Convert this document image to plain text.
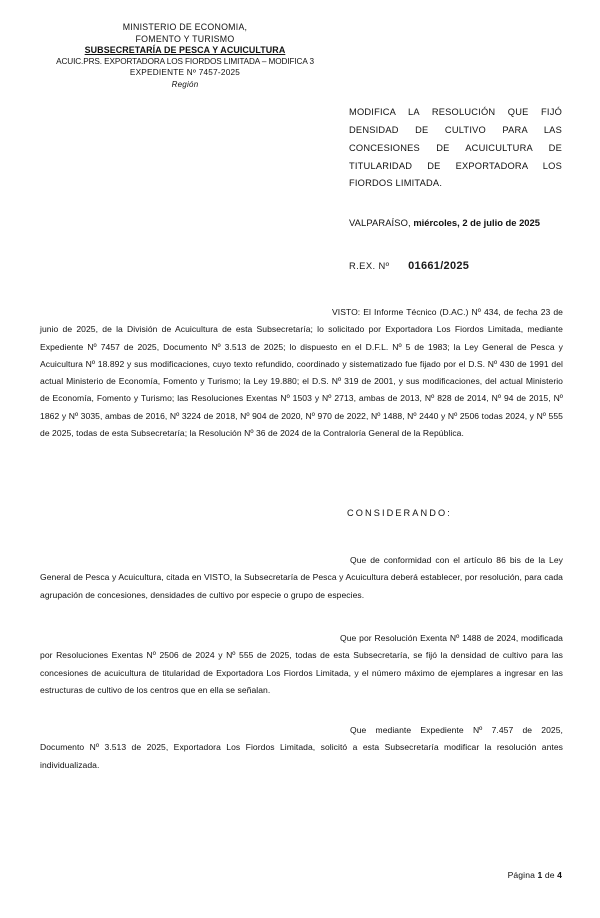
MINISTERIO DE ECONOMIA,
FOMENTO Y TURISMO
SUBSECRETARÍA DE PESCA Y ACUICULTURA
ACUIC.PRS. EXPORTADORA LOS FIORDOS LIMITADA – MODIFICA 3
EXPEDIENTE Nº 7457-2025
Región
MODIFICA LA RESOLUCIÓN QUE FIJÓ DENSIDAD DE CULTIVO PARA LAS CONCESIONES DE ACUICULTURA DE TITULARIDAD DE EXPORTADORA LOS FIORDOS LIMITADA.
VALPARAÍSO, miércoles, 2 de julio de 2025
R.EX. Nº 01661/2025
VISTO: El Informe Técnico (D.AC.) Nº 434, de fecha 23 de junio de 2025, de la División de Acuicultura de esta Subsecretaría; lo solicitado por Exportadora Los Fiordos Limitada, mediante Expediente Nº 7457 de 2025, Documento Nº 3.513 de 2025; lo dispuesto en el D.F.L. Nº 5 de 1983; la Ley General de Pesca y Acuicultura Nº 18.892 y sus modificaciones, cuyo texto refundido, coordinado y sistematizado fue fijado por el D.S. Nº 430 de 1991 del actual Ministerio de Economía, Fomento y Turismo; la Ley 19.880; el D.S. Nº 319 de 2001, y sus modificaciones, del actual Ministerio de Economía, Fomento y Turismo; las Resoluciones Exentas Nº 1503 y Nº 2713, ambas de 2013, Nº 828 de 2014, Nº 94 de 2015, Nº 1862 y Nº 3035, ambas de 2016, Nº 3224 de 2018, Nº 904 de 2020, Nº 970 de 2022, Nº 1488, Nº 2440 y Nº 2506 todas 2024, y Nº 555 de 2025, todas de esta Subsecretaría; la Resolución Nº 36 de 2024 de la Contraloría General de la República.
CONSIDERANDO:
Que de conformidad con el artículo 86 bis de la Ley General de Pesca y Acuicultura, citada en VISTO, la Subsecretaría de Pesca y Acuicultura deberá establecer, por resolución, para cada agrupación de concesiones, densidades de cultivo por especie o grupo de especies.
Que por Resolución Exenta Nº 1488 de 2024, modificada por Resoluciones Exentas Nº 2506 de 2024 y Nº 555 de 2025, todas de esta Subsecretaría, se fijó la densidad de cultivo para las concesiones de acuicultura de titularidad de Exportadora Los Fiordos Limitada, y el número máximo de ejemplares a ingresar en las estructuras de cultivo de los centros que en ella se señalan.
Que mediante Expediente Nº 7.457 de 2025, Documento Nº 3.513 de 2025, Exportadora Los Fiordos Limitada, solicitó a esta Subsecretaría modificar la resolución antes individualizada.
Página 1 de 4
